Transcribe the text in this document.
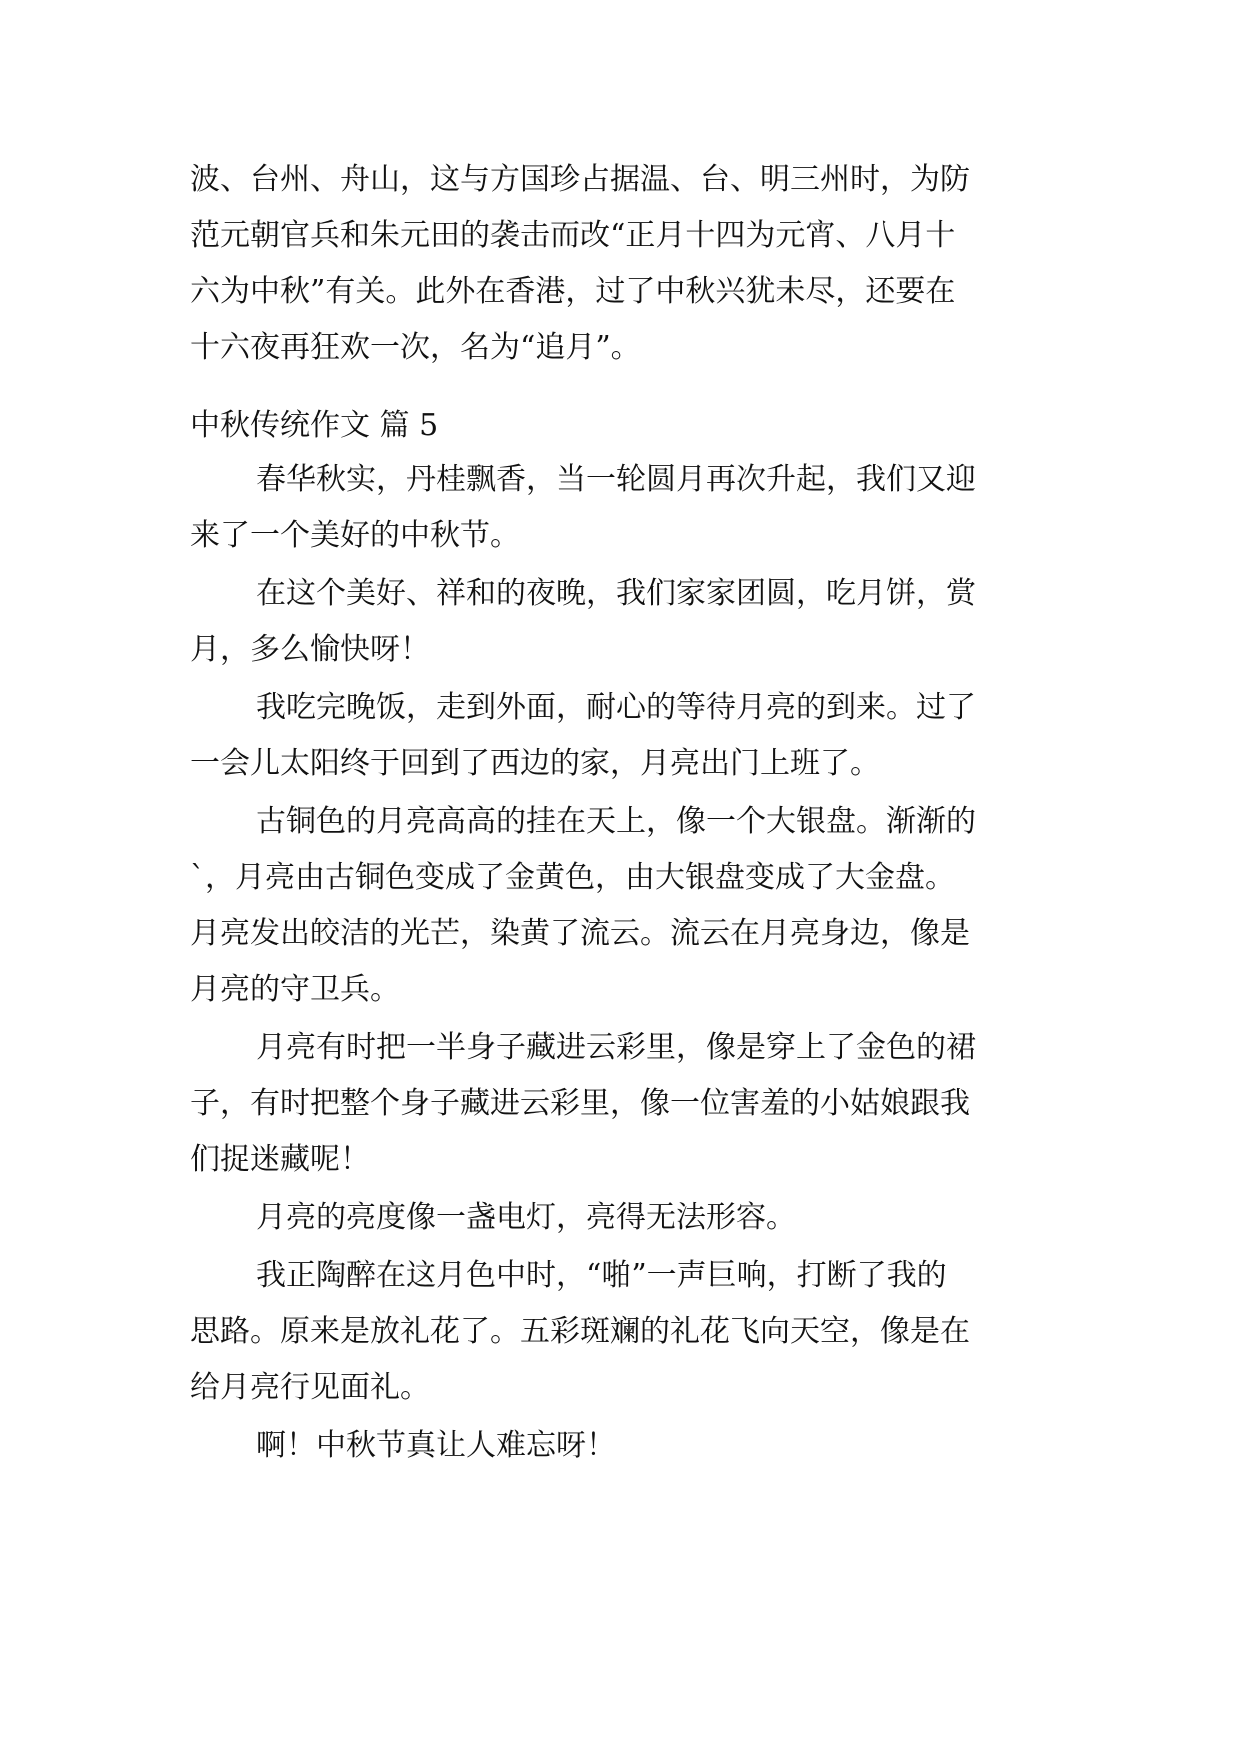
波、台州、舟山，这与方国珍占据温、台、明三州时，为防
范元朝官兵和朱元田的袭击而改“正月十四为元宵、八月十
六为中秋”有关。此外在香港，过了中秋兴犹未尽，还要在
十六夜再狂欢一次，名为“追月”。
中秋传统作文 篇 5
春华秋实，丹桂飘香，当一轮圆月再次升起，我们又迎
来了一个美好的中秋节。
在这个美好、祥和的夜晚，我们家家团圆，吃月饼，赏
月，多么愉快呀！
我吃完晚饭，走到外面，耐心的等待月亮的到来。过了
一会儿太阳终于回到了西边的家，月亮出门上班了。
古铜色的月亮高高的挂在天上，像一个大银盘。渐渐的
`，月亮由古铜色变成了金黄色，由大银盘变成了大金盘。
月亮发出皎洁的光芒，染黄了流云。流云在月亮身边，像是
月亮的守卫兵。
月亮有时把一半身子藏进云彩里，像是穿上了金色的裙
子，有时把整个身子藏进云彩里，像一位害羞的小姑娘跟我
们捉迷藏呢！
月亮的亮度像一盏电灯，亮得无法形容。
我正陶醉在这月色中时，“啪”一声巨响，打断了我的
思路。原来是放礼花了。五彩斑斓的礼花飞向天空，像是在
给月亮行见面礼。
啊！中秋节真让人难忘呀！
